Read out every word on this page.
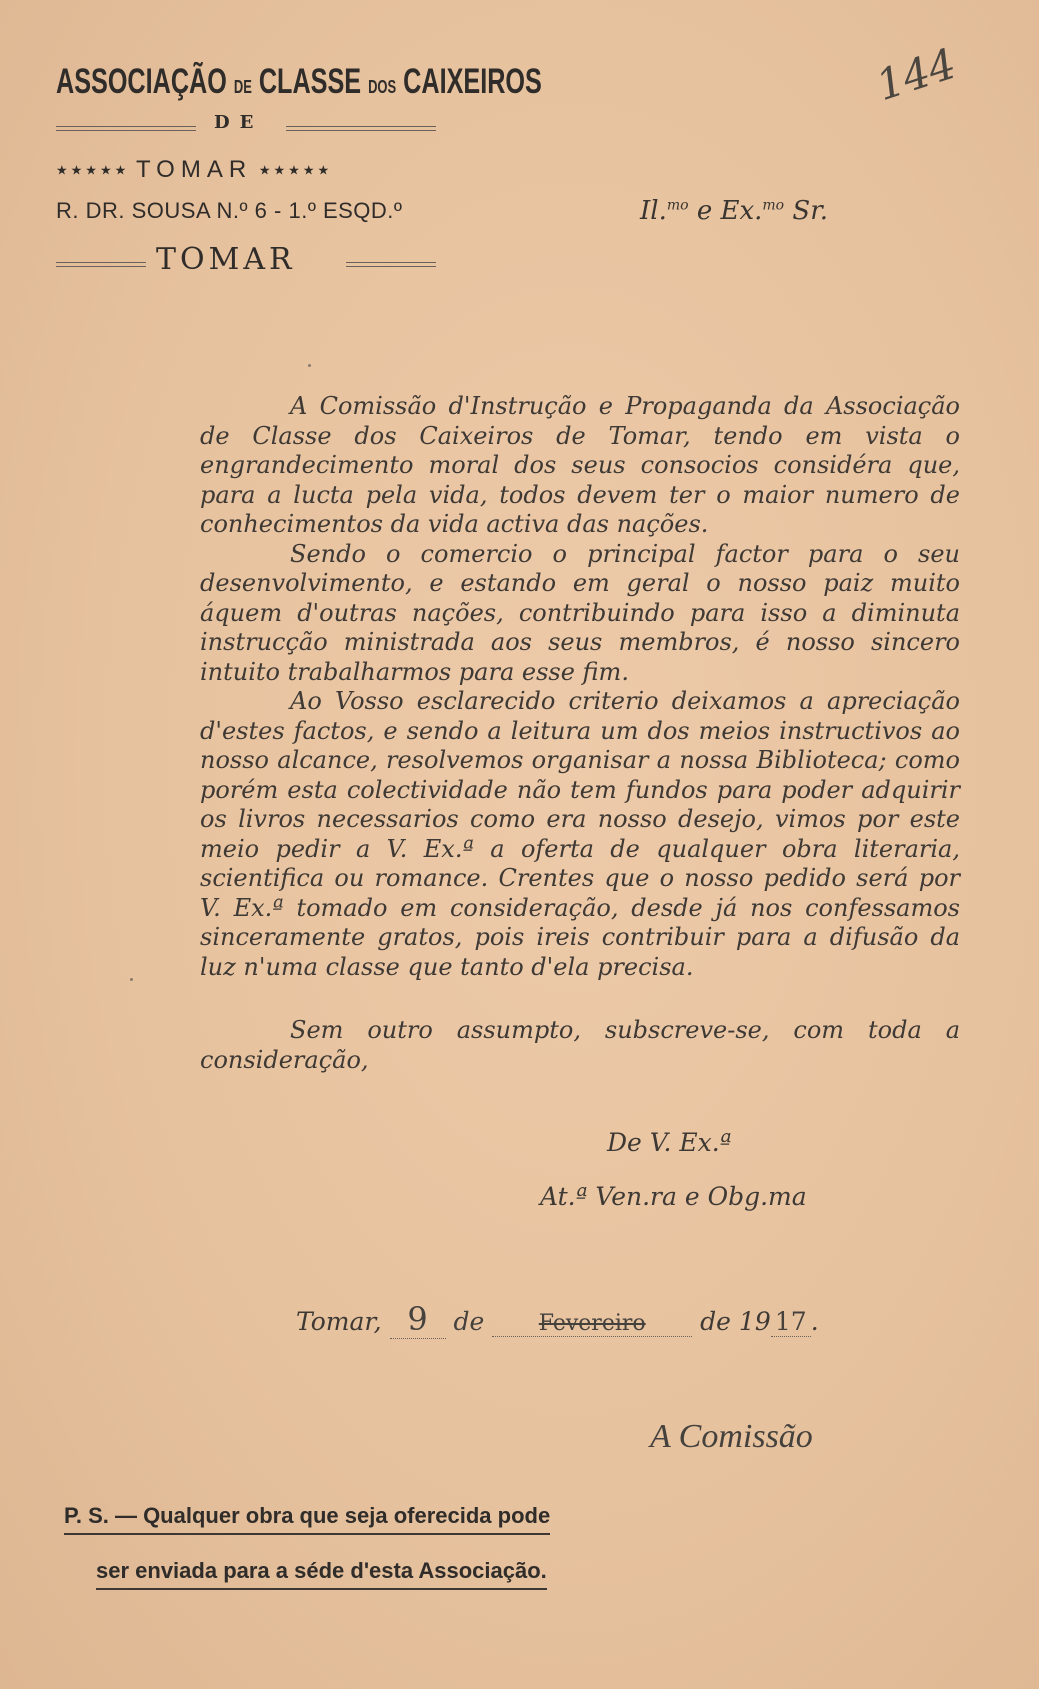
ASSOCIAÇÃO DE CLASSE DOS CAIXEIROS
DE
★★★★★ TOMAR ★★★★★
R. DR. SOUSA N.º 6 - 1.º ESQD.º
TOMAR
144
Il.$^{mo}$ e Ex.$^{mo}$ Sr.

A Comissão d'Instrução e Propaganda da Associação de Classe dos Caixeiros de Tomar, tendo em vista o engrandecimento moral dos seus consocios considéra que, para a lucta pela vida, todos devem ter o maior numero de conhecimentos da vida activa das nações.

Sendo o comercio o principal factor para o seu desenvolvimento, e estando em geral o nosso paiz muito áquem d'outras nações, contribuindo para isso a diminuta instrucção ministrada aos seus membros, é nosso sincero intuito trabalharmos para esse fim.

Ao Vosso esclarecido criterio deixamos a apreciação d'estes factos, e sendo a leitura um dos meios instructivos ao nosso alcance, resolvemos organisar a nossa Biblioteca; como porém esta colectividade não tem fundos para poder adquirir os livros necessarios como era nosso desejo, vimos por este meio pedir a V. Ex.ª a oferta de qualquer obra literaria, scientifica ou romance. Crentes que o nosso pedido será por V. Ex.ª tomado em consideração, desde já nos confessamos sinceramente gratos, pois ireis contribuir para a difusão da luz n'uma classe que tanto d'ela precisa.

Sem outro assumpto, subscreve-se, com toda a consideração,

De V. Ex.ª
At.ª Ven.ra e Obg.ma
Tomar, 9 de Fevereiro de 19 17 .
A Comissão
P. S. — Qualquer obra que seja oferecida pode
ser enviada para a séde d'esta Associação.
